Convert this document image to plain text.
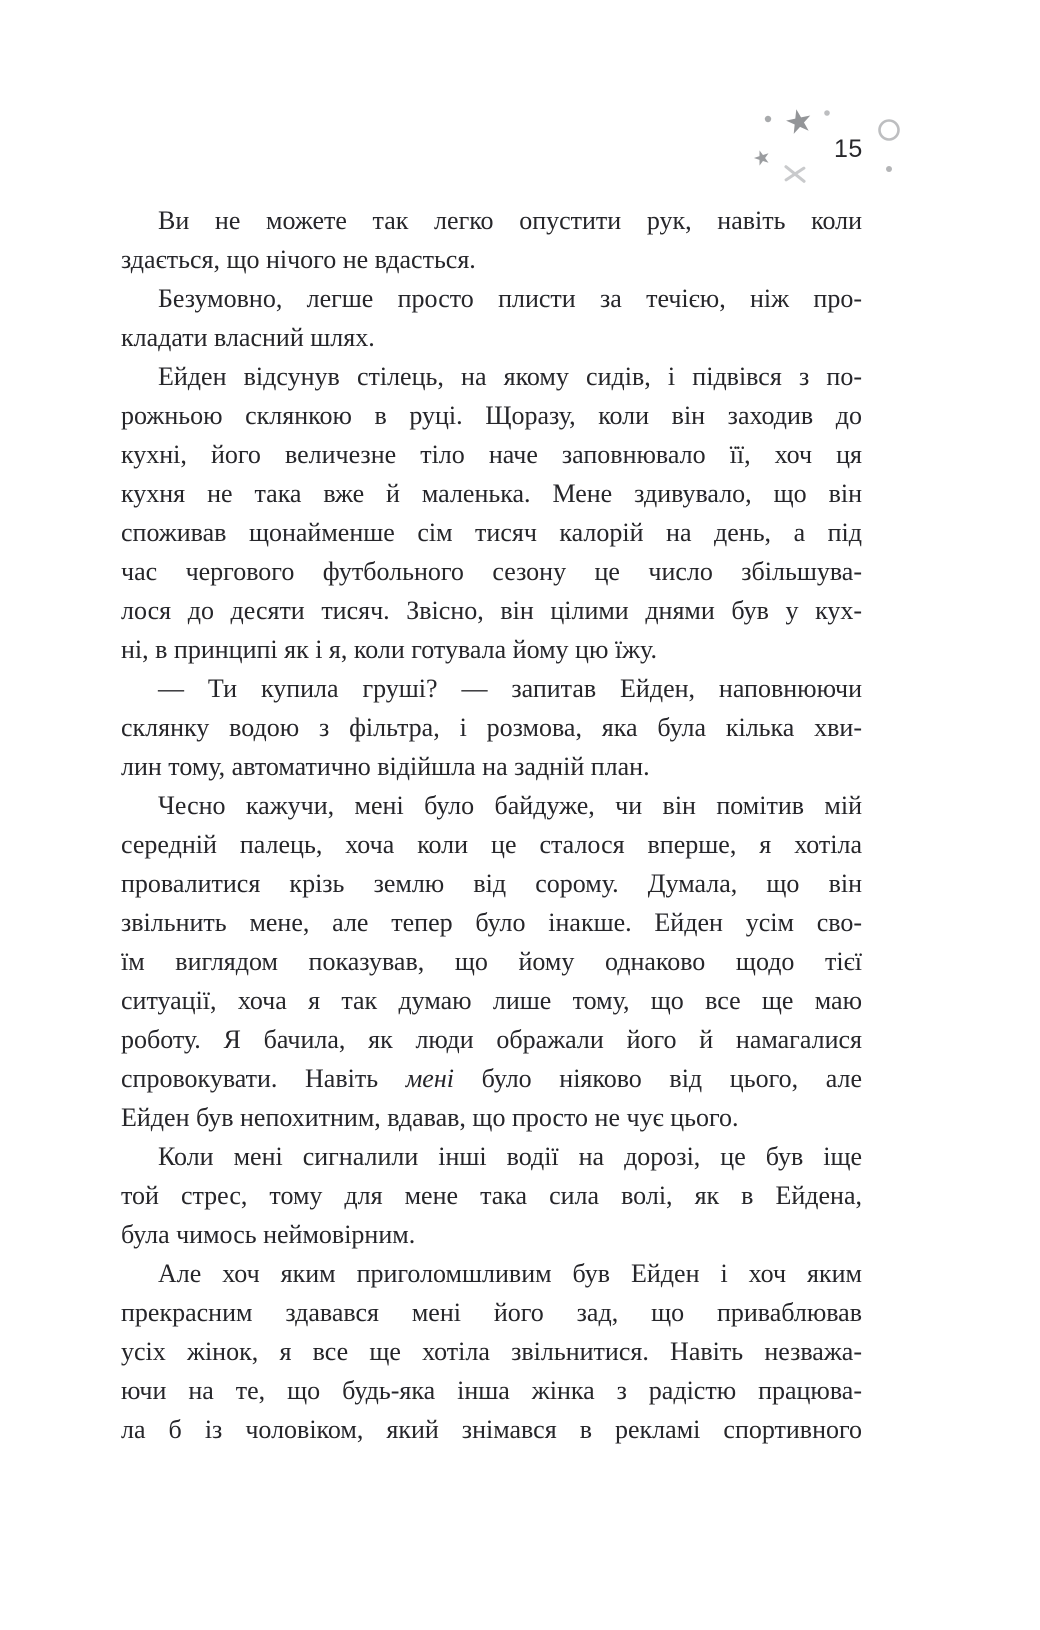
15
Ви не можете так легко опустити рук, навіть коли
здається, що нічого не вдасться.
Безумовно, легше просто плисти за течією, ніж про-
кладати власний шлях.
Ейден відсунув стілець, на якому сидів, і підвівся з по-
рожньою склянкою в руці. Щоразу, коли він заходив до
кухні, його величезне тіло наче заповнювало її, хоч ця
кухня не така вже й маленька. Мене здивувало, що він
споживав щонайменше сім тисяч калорій на день, а під
час чергового футбольного сезону це число збільшува-
лося до десяти тисяч. Звісно, він цілими днями був у кух-
ні, в принципі як і я, коли готувала йому цю їжу.
— Ти купила груші? — запитав Ейден, наповнюючи
склянку водою з фільтра, і розмова, яка була кілька хви-
лин тому, автоматично відійшла на задній план.
Чесно кажучи, мені було байдуже, чи він помітив мій
середній палець, хоча коли це сталося вперше, я хотіла
провалитися крізь землю від сорому. Думала, що він
звільнить мене, але тепер було інакше. Ейден усім сво-
їм виглядом показував, що йому однаково щодо тієї
ситуації, хоча я так думаю лише тому, що все ще маю
роботу. Я бачила, як люди ображали його й намагалися
спровокувати. Навіть мені було ніяково від цього, але
Ейден був непохитним, вдавав, що просто не чує цього.
Коли мені сигналили інші водії на дорозі, це був іще
той стрес, тому для мене така сила волі, як в Ейдена,
була чимось неймовірним.
Але хоч яким приголомшливим був Ейден і хоч яким
прекрасним здавався мені його зад, що приваблював
усіх жінок, я все ще хотіла звільнитися. Навіть незважа-
ючи на те, що будь-яка інша жінка з радістю працюва-
ла б із чоловіком, який знімався в рекламі спортивного
